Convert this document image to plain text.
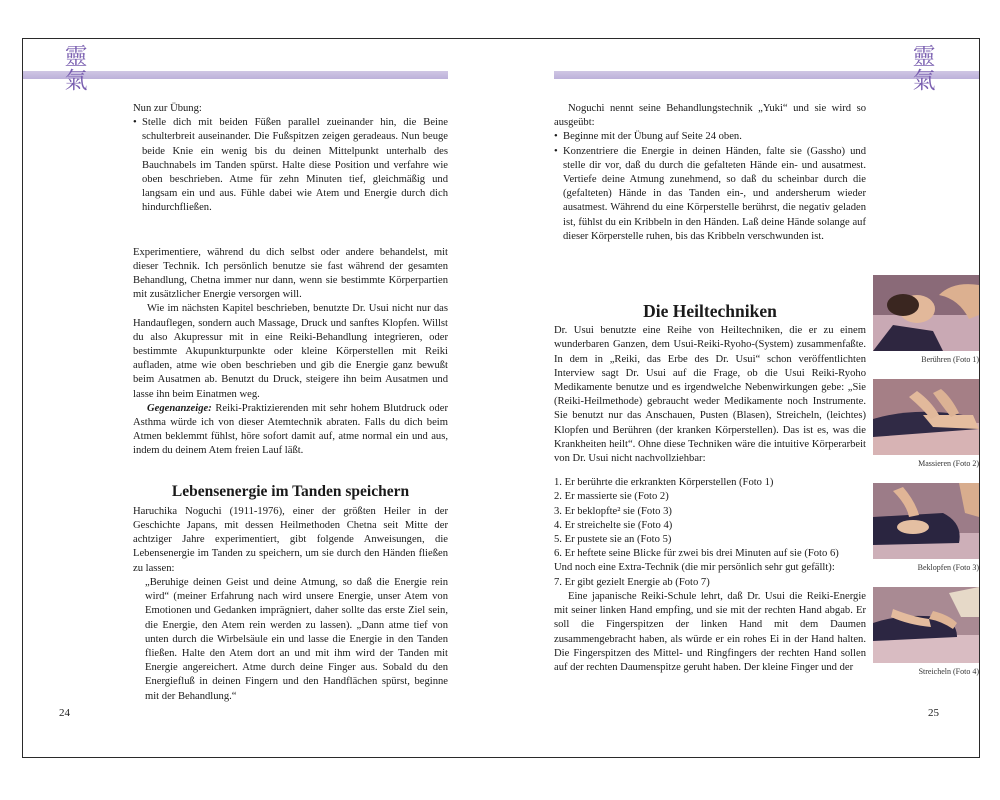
靈
氣
靈
氣

Nun zur Übung:

• Stelle dich mit beiden Füßen parallel zueinander hin, die Beine schulterbreit auseinander. Die Fußspitzen zeigen geradeaus. Nun beuge beide Knie ein wenig bis du deinen Mittelpunkt unterhalb des Bauchnabels im Tanden spürst. Halte diese Position und verfahre wie oben beschrieben. Atme für zehn Minuten tief, gleichmäßig und langsam ein und aus. Fühle dabei wie Atem und Energie durch dich hindurchfließen.

Experimentiere, während du dich selbst oder andere behandelst, mit dieser Technik. Ich persönlich benutze sie fast während der gesamten Behandlung, Chetna immer nur dann, wenn sie bestimmte Körperpartien mit zusätzlicher Energie versorgen will.

Wie im nächsten Kapitel beschrieben, benutzte Dr. Usui nicht nur das Handauflegen, sondern auch Massage, Druck und sanftes Klopfen. Willst du also Akupressur mit in eine Reiki-Behandlung integrieren, oder bestimmte Akupunkturpunkte oder kleine Körperstellen mit Reiki aufladen, atme wie oben beschrieben und gib die Energie ganz bewußt beim Ausatmen ab. Benutzt du Druck, steigere ihn beim Ausatmen und lasse ihn beim Einatmen weg.

Gegenanzeige: Reiki-Praktizierenden mit sehr hohem Blutdruck oder Asthma würde ich von dieser Atemtechnik abraten. Falls du dich beim Atmen beklemmt fühlst, höre sofort damit auf, atme normal ein und aus, indem du deinem Atem freien Lauf läßt.

Lebensenergie im Tanden speichern

Haruchika Noguchi (1911-1976), einer der größten Heiler in der Geschichte Japans, mit dessen Heilmethoden Chetna seit Mitte der achtziger Jahre experimentiert, gibt folgende Anweisungen, die Lebensenergie im Tanden zu speichern, um sie durch den Händen fließen zu lassen:

„Beruhige deinen Geist und deine Atmung, so daß die Energie rein wird“ (meiner Erfahrung nach wird unsere Energie, unser Atem von Emotionen und Gedanken imprägniert, daher sollte das erste Ziel sein, die Energie, den Atem rein werden zu lassen). „Dann atme tief von unten durch die Wirbelsäule ein und lasse die Energie in den Tanden fließen. Halte den Atem dort an und mit ihm wird der Tanden mit Energie angereichert. Atme durch deine Finger aus. Sobald du den Energiefluß in deinen Fingern und den Handflächen spürst, beginne mit der Behandlung.“

24

Noguchi nennt seine Behandlungstechnik „Yuki“ und sie wird so ausgeübt:

• Beginne mit der Übung auf Seite 24 oben.
• Konzentriere die Energie in deinen Händen, falte sie (Gassho) und stelle dir vor, daß du durch die gefalteten Hände ein- und ausatmest. Vertiefe deine Atmung zunehmend, so daß du scheinbar durch die (gefalteten) Hände in das Tanden ein-, und andersherum wieder ausatmest. Während du eine Körperstelle berührst, die negativ geladen ist, fühlst du ein Kribbeln in den Händen. Laß deine Hände solange auf dieser Körperstelle ruhen, bis das Kribbeln verschwunden ist.
Die Heiltechniken

Dr. Usui benutzte eine Reihe von Heiltechniken, die er zu einem wunderbaren Ganzen, dem Usui-Reiki-Ryoho-(System) zusammenfaßte. In dem in „Reiki, das Erbe des Dr. Usui“ schon veröffentlichten Interview sagt Dr. Usui auf die Frage, ob die Usui Reiki-Ryoho Medikamente benutze und es irgendwelche Nebenwirkungen gebe: „Sie (Reiki-Heilmethode) gebraucht weder Medikamente noch Instrumente. Sie benutzt nur das Anschauen, Pusten (Blasen), Streicheln, (leichtes) Klopfen und Berühren (der kranken Körperstellen). Das ist es, was die Krankheiten heilt“. Ohne diese Techniken wäre die intuitive Körperarbeit von Dr. Usui nicht nachvollziehbar:

1. Er berührte die erkrankten Körperstellen (Foto 1)

2. Er massierte sie (Foto 2)

3. Er beklopfte² sie (Foto 3)

4. Er streichelte sie (Foto 4)

5. Er pustete sie an (Foto 5)

6. Er heftete seine Blicke für zwei bis drei Minuten auf sie (Foto 6)

Und noch eine Extra-Technik (die mir persönlich sehr gut gefällt):

7. Er gibt gezielt Energie ab (Foto 7)

Eine japanische Reiki-Schule lehrt, daß Dr. Usui die Reiki-Energie mit seiner linken Hand empfing, und sie mit der rechten Hand abgab. Er soll die Fingerspitzen der linken Hand mit dem Daumen zusammengebracht haben, als würde er ein rohes Ei in der Hand halten. Die Fingerspitzen des Mittel- und Ringfingers der rechten Hand sollen auf der rechten Daumenspitze geruht haben. Der kleine Finger und der

25
Berühren (Foto 1)
Massieren (Foto 2)
Beklopfen (Foto 3)
Streicheln (Foto 4)
